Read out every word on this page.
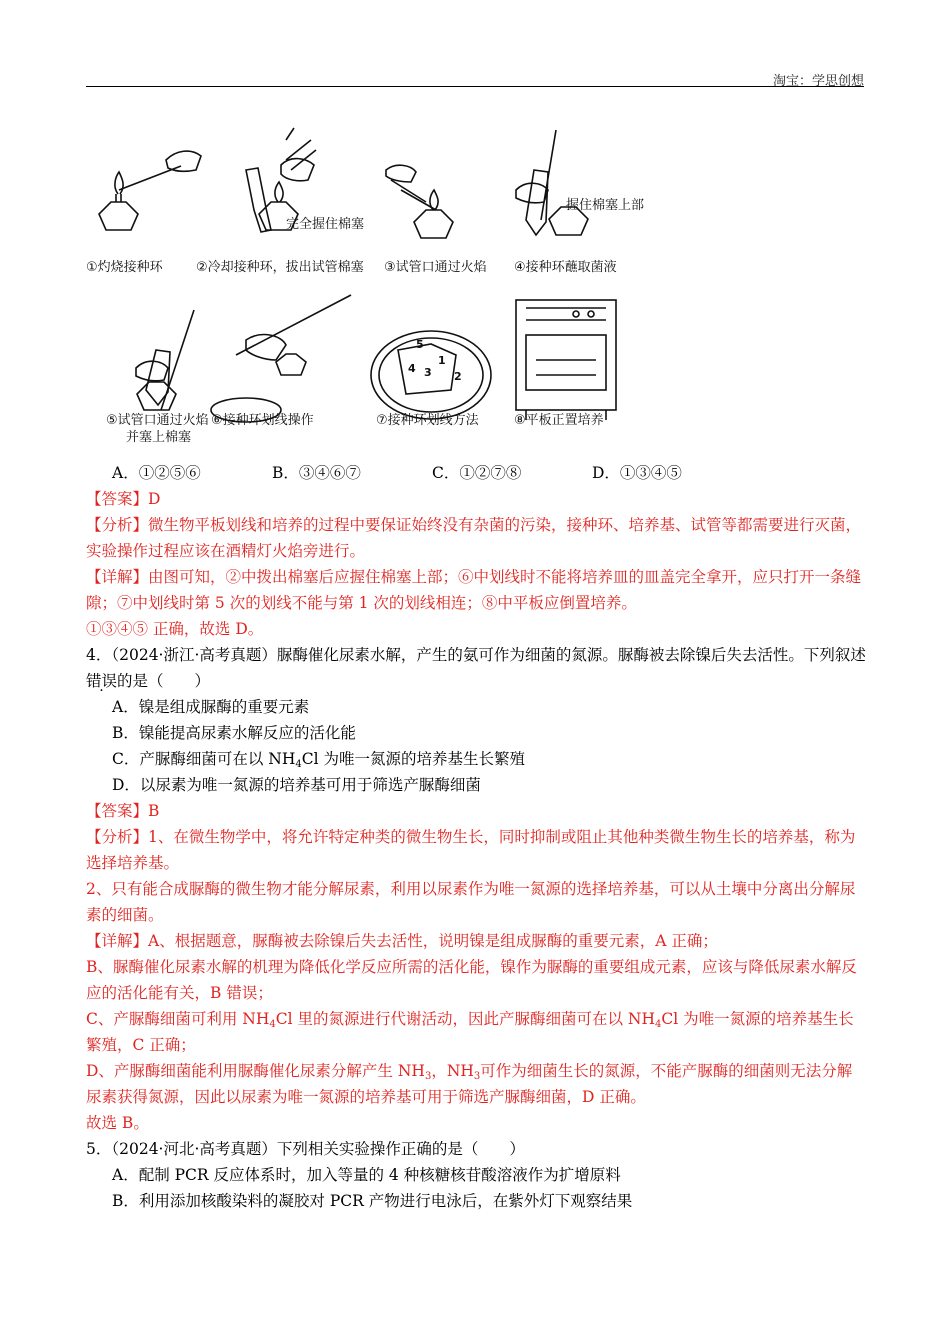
淘宝：学思创想
①灼烧接种环	②冷却接种环，拔出试管棉塞 ③试管口通过火焰 ④接种环蘸取菌液
⑤试管口通过火焰
并塞上棉塞
⑥接种环划线操作	⑦接种环划线方法	⑧平板正置培养
完全握住棉塞
握住棉塞上部
5
1
4 3 2
A．①②⑤⑥	B．③④⑥⑦	C．①②⑦⑧	D．①③④⑤

【答案】D

【分析】微生物平板划线和培养的过程中要保证始终没有杂菌的污染，接种环、培养基、试管等都需要进行灭菌，实验操作过程应该在酒精灯火焰旁进行。

【详解】由图可知，②中拨出棉塞后应握住棉塞上部；⑥中划线时不能将培养皿的皿盖完全拿开，应只打开一条缝隙；⑦中划线时第 5 次的划线不能与第 1 次的划线相连；⑧中平板应倒置培养。

①③④⑤ 正确，故选 D。

4．（2024·浙江·高考真题）脲酶催化尿素水解，产生的氨可作为细菌的氮源。脲酶被去除镍后失去活性。下列叙述错误的是（　　）

A．镍是组成脲酶的重要元素

B．镍能提高尿素水解反应的活化能

C．产脲酶细菌可在以 $NH_4Cl$ 为唯一氮源的培养基生长繁殖

D．以尿素为唯一氮源的培养基可用于筛选产脲酶细菌

【答案】B

【分析】1、在微生物学中，将允许特定种类的微生物生长，同时抑制或阻止其他种类微生物生长的培养基，称为选择培养基。

2、只有能合成脲酶的微生物才能分解尿素，利用以尿素作为唯一氮源的选择培养基，可以从土壤中分离出分解尿素的细菌。

【详解】A、根据题意，脲酶被去除镍后失去活性，说明镍是组成脲酶的重要元素，A 正确；

B、脲酶催化尿素水解的机理为降低化学反应所需的活化能，镍作为脲酶的重要组成元素，应该与降低尿素水解反应的活化能有关，B 错误；

C、产脲酶细菌可利用 $NH_4Cl$ 里的氮源进行代谢活动，因此产脲酶细菌可在以 $NH_4Cl$ 为唯一氮源的培养基生长繁殖，C 正确；

D、产脲酶细菌能利用脲酶催化尿素分解产生 $NH_3$，$NH_3$可作为细菌生长的氮源，不能产脲酶的细菌则无法分解尿素获得氮源，因此以尿素为唯一氮源的培养基可用于筛选产脲酶细菌，D 正确。

故选 B。

5．（2024·河北·高考真题）下列相关实验操作正确的是（　　）

A．配制 PCR 反应体系时，加入等量的 4 种核糖核苷酸溶液作为扩增原料

B．利用添加核酸染料的凝胶对 PCR 产物进行电泳后，在紫外灯下观察结果
